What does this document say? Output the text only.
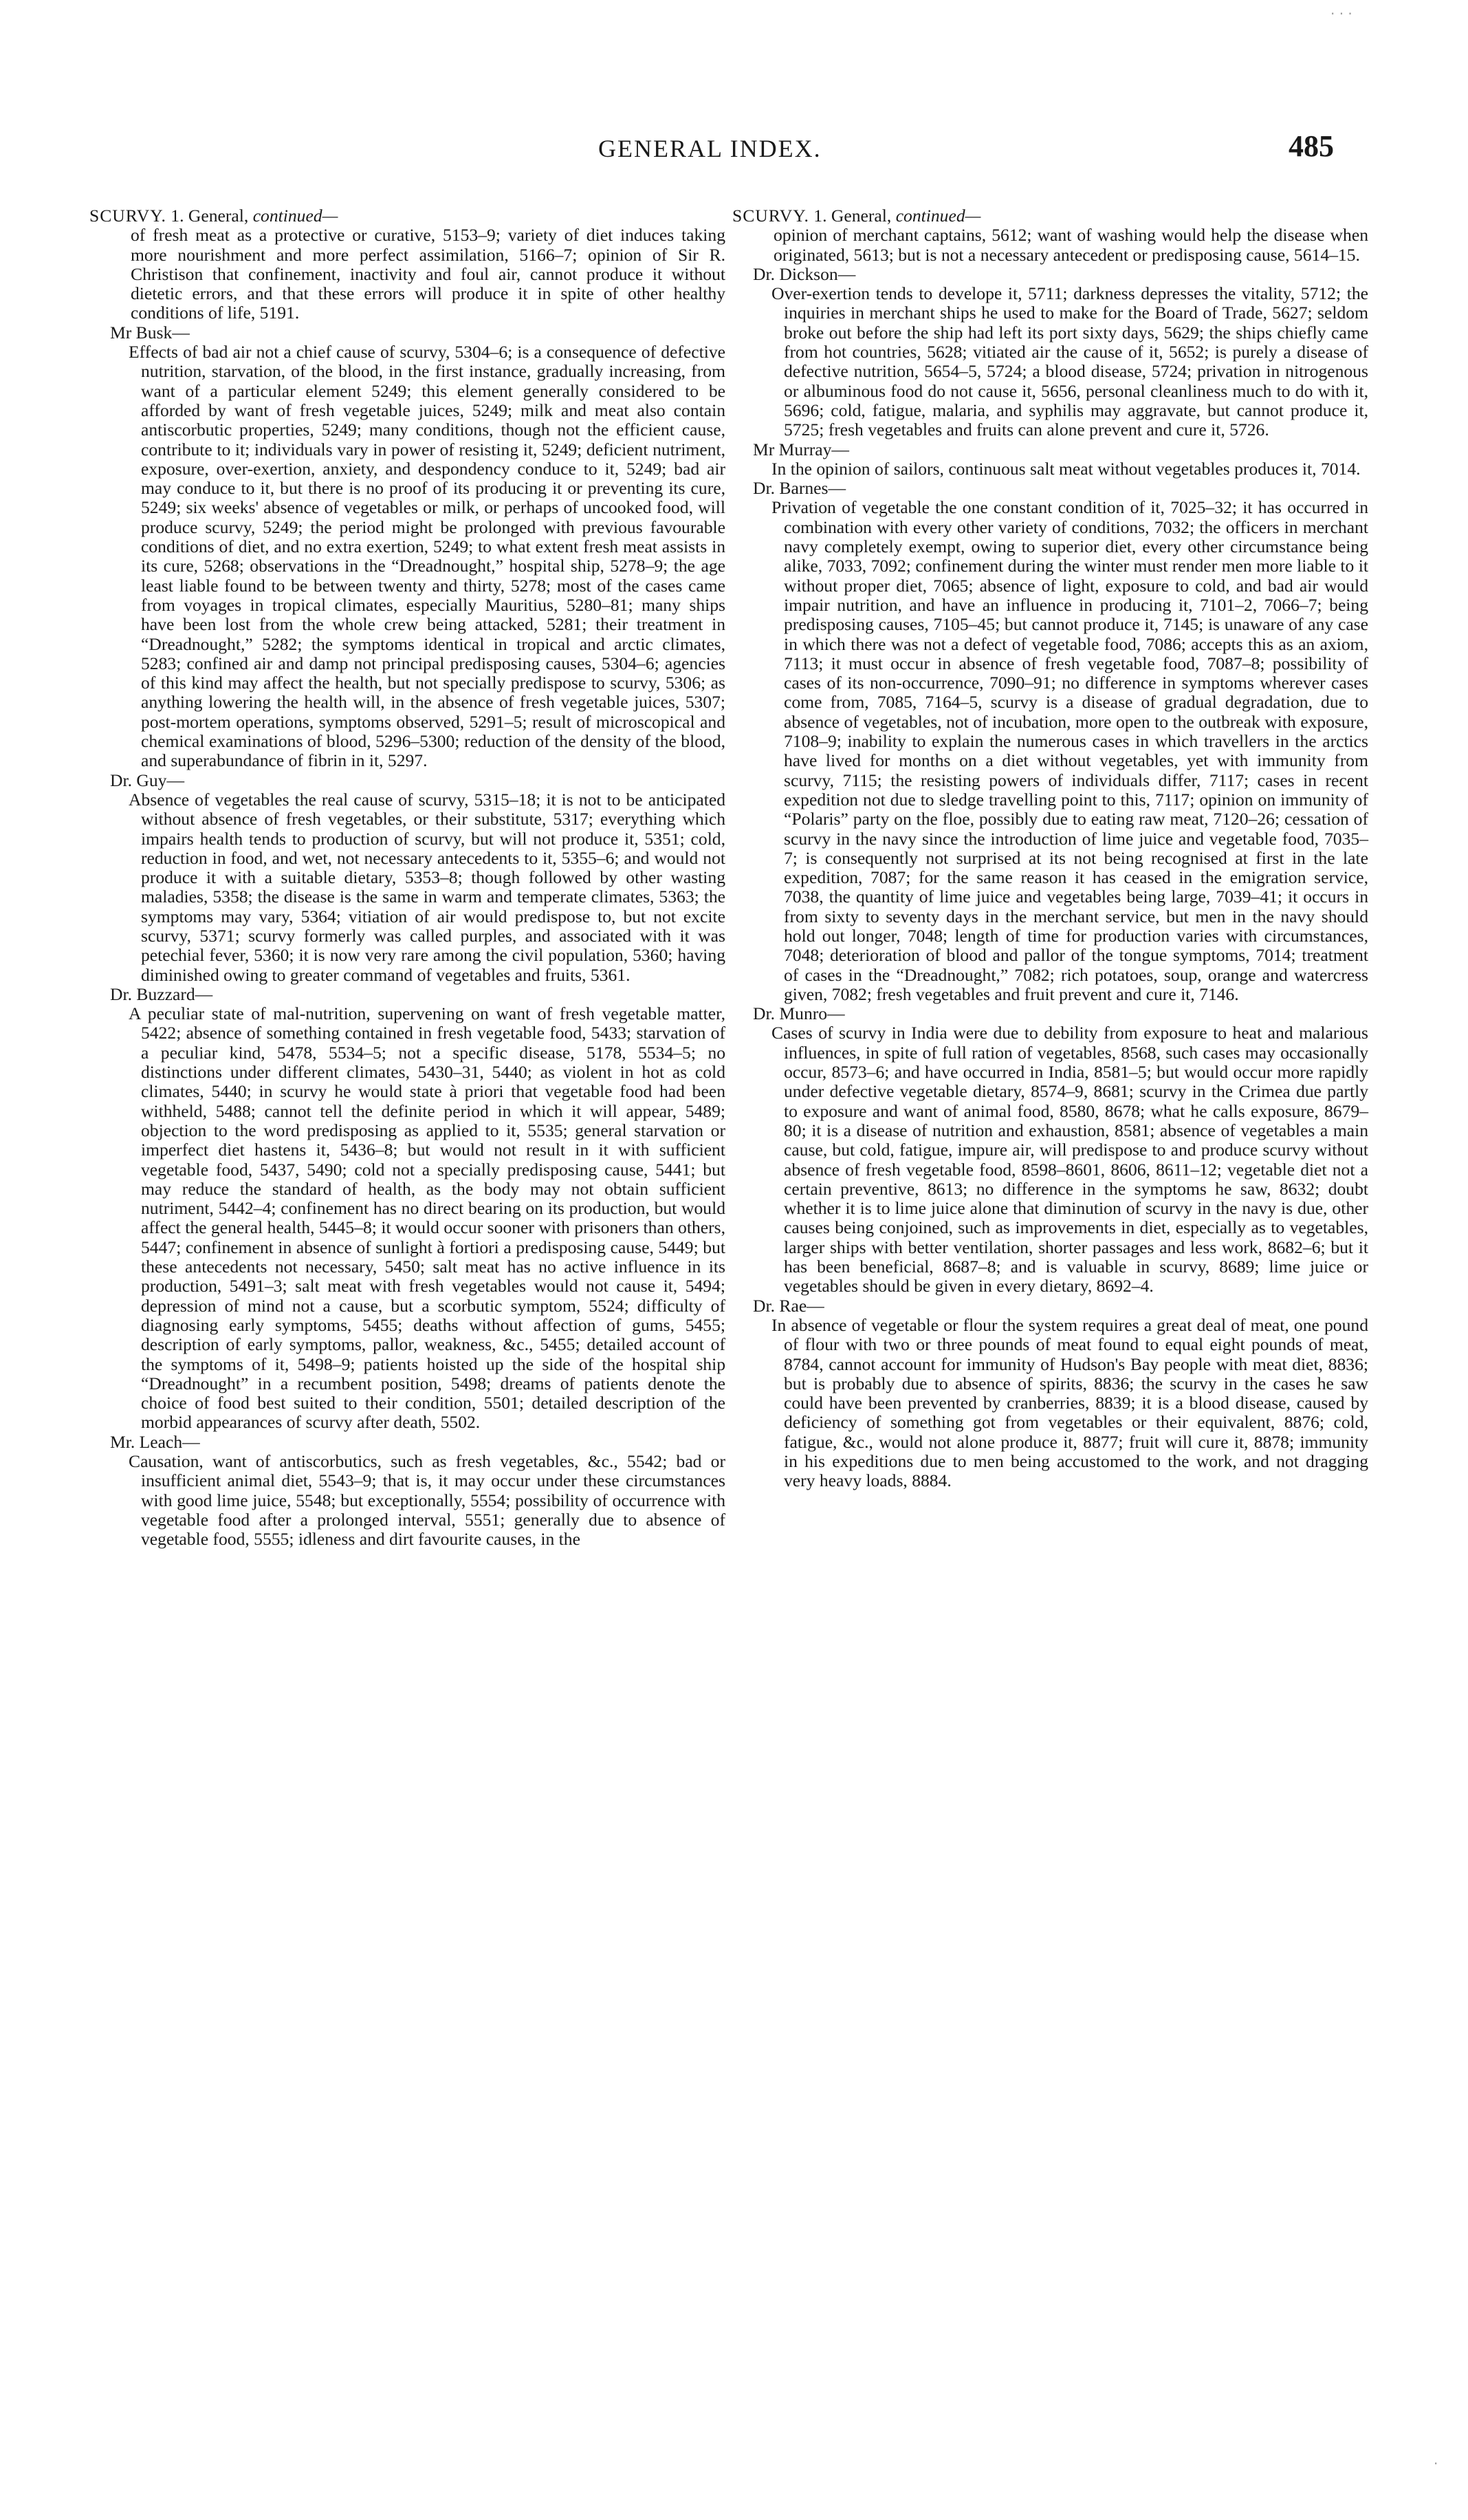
· · ·
·
GENERAL INDEX.	485

SCURVY. 1. General, continued—

of fresh meat as a protective or curative, 5153–9; variety of diet induces taking more nourishment and more perfect assimilation, 5166–7; opinion of Sir R. Christison that confinement, inactivity and foul air, cannot produce it without dietetic errors, and that these errors will produce it in spite of other healthy conditions of life, 5191.

Mr Busk—

Effects of bad air not a chief cause of scurvy, 5304–6; is a consequence of defective nutrition, starvation, of the blood, in the first instance, gradually increasing, from want of a particular element 5249; this element generally considered to be afforded by want of fresh vegetable juices, 5249; milk and meat also contain antiscorbutic properties, 5249; many conditions, though not the efficient cause, contribute to it; individuals vary in power of resisting it, 5249; deficient nutriment, exposure, over-exertion, anxiety, and despondency conduce to it, 5249; bad air may conduce to it, but there is no proof of its producing it or preventing its cure, 5249; six weeks' absence of vegetables or milk, or perhaps of uncooked food, will produce scurvy, 5249; the period might be prolonged with previous favourable conditions of diet, and no extra exertion, 5249; to what extent fresh meat assists in its cure, 5268; observations in the “Dreadnought,” hospital ship, 5278–9; the age least liable found to be between twenty and thirty, 5278; most of the cases came from voyages in tropical climates, especially Mauritius, 5280–81; many ships have been lost from the whole crew being attacked, 5281; their treatment in “Dreadnought,” 5282; the symptoms identical in tropical and arctic climates, 5283; confined air and damp not principal predisposing causes, 5304–6; agencies of this kind may affect the health, but not specially predispose to scurvy, 5306; as anything lowering the health will, in the absence of fresh vegetable juices, 5307; post-mortem operations, symptoms observed, 5291–5; result of microscopical and chemical examinations of blood, 5296–5300; reduction of the density of the blood, and superabundance of fibrin in it, 5297.

Dr. Guy—

Absence of vegetables the real cause of scurvy, 5315–18; it is not to be anticipated without absence of fresh vegetables, or their substitute, 5317; everything which impairs health tends to production of scurvy, but will not produce it, 5351; cold, reduction in food, and wet, not necessary antecedents to it, 5355–6; and would not produce it with a suitable dietary, 5353–8; though followed by other wasting maladies, 5358; the disease is the same in warm and temperate climates, 5363; the symptoms may vary, 5364; vitiation of air would predispose to, but not excite scurvy, 5371; scurvy formerly was called purples, and associated with it was petechial fever, 5360; it is now very rare among the civil population, 5360; having diminished owing to greater command of vegetables and fruits, 5361.

Dr. Buzzard—

A peculiar state of mal-nutrition, supervening on want of fresh vegetable matter, 5422; absence of something contained in fresh vegetable food, 5433; starvation of a peculiar kind, 5478, 5534–5; not a specific disease, 5178, 5534–5; no distinctions under different climates, 5430–31, 5440; as violent in hot as cold climates, 5440; in scurvy he would state à priori that vegetable food had been withheld, 5488; cannot tell the definite period in which it will appear, 5489; objection to the word predisposing as applied to it, 5535; general starvation or imperfect diet hastens it, 5436–8; but would not result in it with sufficient vegetable food, 5437, 5490; cold not a specially predisposing cause, 5441; but may reduce the standard of health, as the body may not obtain sufficient nutriment, 5442–4; confinement has no direct bearing on its production, but would affect the general health, 5445–8; it would occur sooner with prisoners than others, 5447; confinement in absence of sunlight à fortiori a predisposing cause, 5449; but these antecedents not necessary, 5450; salt meat has no active influence in its production, 5491–3; salt meat with fresh vegetables would not cause it, 5494; depression of mind not a cause, but a scorbutic symptom, 5524; difficulty of diagnosing early symptoms, 5455; deaths without affection of gums, 5455; description of early symptoms, pallor, weakness, &c., 5455; detailed account of the symptoms of it, 5498–9; patients hoisted up the side of the hospital ship “Dreadnought” in a recumbent position, 5498; dreams of patients denote the choice of food best suited to their condition, 5501; detailed description of the morbid appearances of scurvy after death, 5502.

Mr. Leach—

Causation, want of antiscorbutics, such as fresh vegetables, &c., 5542; bad or insufficient animal diet, 5543–9; that is, it may occur under these circumstances with good lime juice, 5548; but exceptionally, 5554; possibility of occurrence with vegetable food after a prolonged interval, 5551; generally due to absence of vegetable food, 5555; idleness and dirt favourite causes, in the

SCURVY. 1. General, continued—

opinion of merchant captains, 5612; want of washing would help the disease when originated, 5613; but is not a necessary antecedent or predisposing cause, 5614–15.

Dr. Dickson—

Over-exertion tends to develope it, 5711; darkness depresses the vitality, 5712; the inquiries in merchant ships he used to make for the Board of Trade, 5627; seldom broke out before the ship had left its port sixty days, 5629; the ships chiefly came from hot countries, 5628; vitiated air the cause of it, 5652; is purely a disease of defective nutrition, 5654–5, 5724; a blood disease, 5724; privation in nitrogenous or albuminous food do not cause it, 5656, personal cleanliness much to do with it, 5696; cold, fatigue, malaria, and syphilis may aggravate, but cannot produce it, 5725; fresh vegetables and fruits can alone prevent and cure it, 5726.

Mr Murray—

In the opinion of sailors, continuous salt meat without vegetables produces it, 7014.

Dr. Barnes—

Privation of vegetable the one constant condition of it, 7025–32; it has occurred in combination with every other variety of conditions, 7032; the officers in merchant navy completely exempt, owing to superior diet, every other circumstance being alike, 7033, 7092; confinement during the winter must render men more liable to it without proper diet, 7065; absence of light, exposure to cold, and bad air would impair nutrition, and have an influence in producing it, 7101–2, 7066–7; being predisposing causes, 7105–45; but cannot produce it, 7145; is unaware of any case in which there was not a defect of vegetable food, 7086; accepts this as an axiom, 7113; it must occur in absence of fresh vegetable food, 7087–8; possibility of cases of its non-occurrence, 7090–91; no difference in symptoms wherever cases come from, 7085, 7164–5, scurvy is a disease of gradual degradation, due to absence of vegetables, not of incubation, more open to the outbreak with exposure, 7108–9; inability to explain the numerous cases in which travellers in the arctics have lived for months on a diet without vegetables, yet with immunity from scurvy, 7115; the resisting powers of individuals differ, 7117; cases in recent expedition not due to sledge travelling point to this, 7117; opinion on immunity of “Polaris” party on the floe, possibly due to eating raw meat, 7120–26; cessation of scurvy in the navy since the introduction of lime juice and vegetable food, 7035–7; is consequently not surprised at its not being recognised at first in the late expedition, 7087; for the same reason it has ceased in the emigration service, 7038, the quantity of lime juice and vegetables being large, 7039–41; it occurs in from sixty to seventy days in the merchant service, but men in the navy should hold out longer, 7048; length of time for production varies with circumstances, 7048; deterioration of blood and pallor of the tongue symptoms, 7014; treatment of cases in the “Dreadnought,” 7082; rich potatoes, soup, orange and watercress given, 7082; fresh vegetables and fruit prevent and cure it, 7146.

Dr. Munro—

Cases of scurvy in India were due to debility from exposure to heat and malarious influences, in spite of full ration of vegetables, 8568, such cases may occasionally occur, 8573–6; and have occurred in India, 8581–5; but would occur more rapidly under defective vegetable dietary, 8574–9, 8681; scurvy in the Crimea due partly to exposure and want of animal food, 8580, 8678; what he calls exposure, 8679–80; it is a disease of nutrition and exhaustion, 8581; absence of vegetables a main cause, but cold, fatigue, impure air, will predispose to and produce scurvy without absence of fresh vegetable food, 8598–8601, 8606, 8611–12; vegetable diet not a certain preventive, 8613; no difference in the symptoms he saw, 8632; doubt whether it is to lime juice alone that diminution of scurvy in the navy is due, other causes being conjoined, such as improvements in diet, especially as to vegetables, larger ships with better ventilation, shorter passages and less work, 8682–6; but it has been beneficial, 8687–8; and is valuable in scurvy, 8689; lime juice or vegetables should be given in every dietary, 8692–4.

Dr. Rae—

In absence of vegetable or flour the system requires a great deal of meat, one pound of flour with two or three pounds of meat found to equal eight pounds of meat, 8784, cannot account for immunity of Hudson's Bay people with meat diet, 8836; but is probably due to absence of spirits, 8836; the scurvy in the cases he saw could have been prevented by cranberries, 8839; it is a blood disease, caused by deficiency of something got from vegetables or their equivalent, 8876; cold, fatigue, &c., would not alone produce it, 8877; fruit will cure it, 8878; immunity in his expeditions due to men being accustomed to the work, and not dragging very heavy loads, 8884.
